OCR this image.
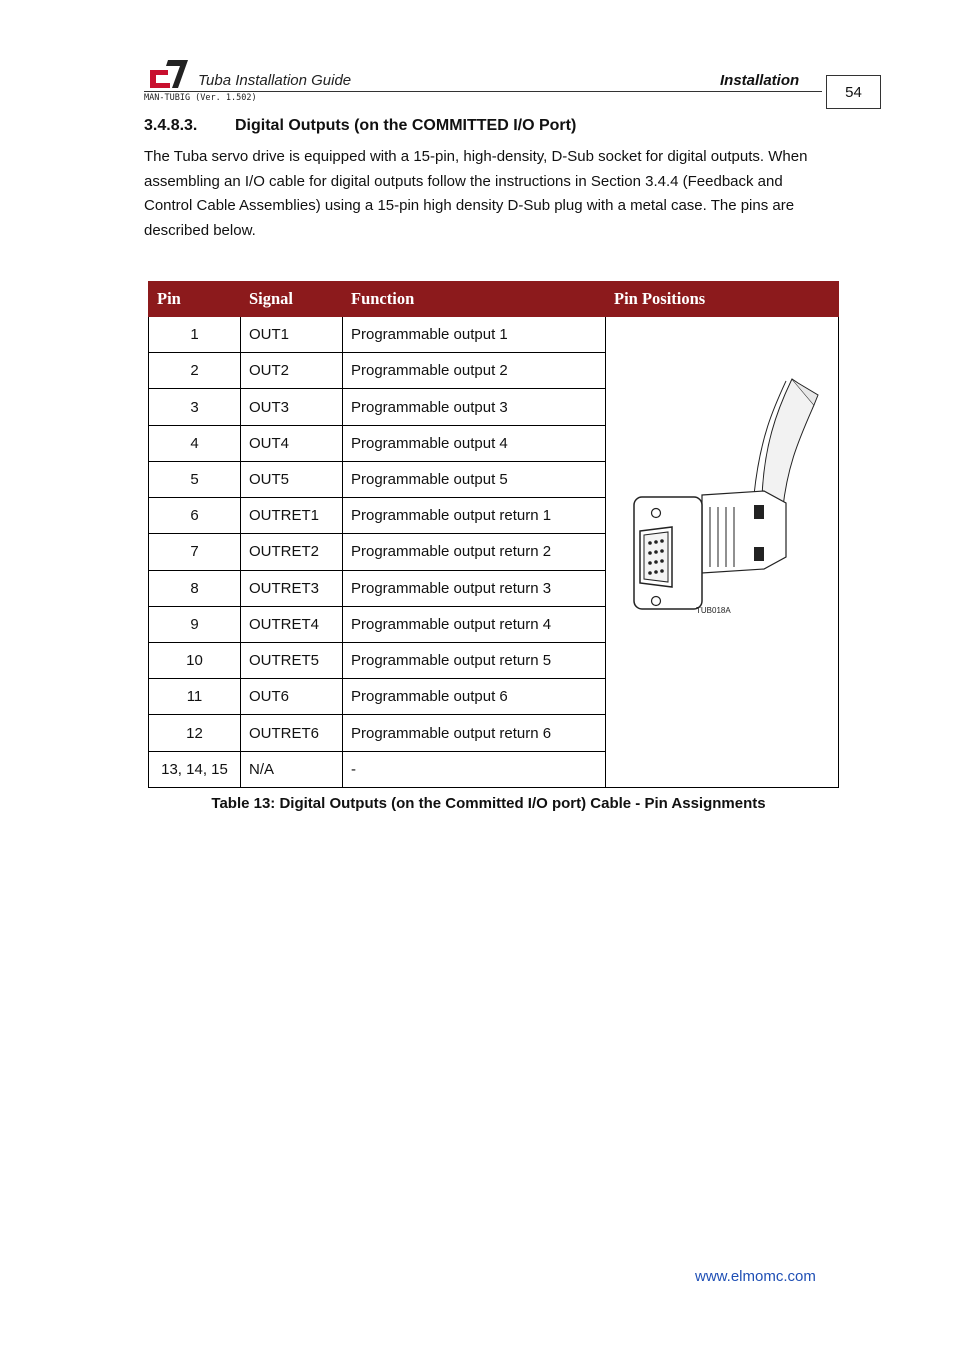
Tuba Installation Guide	Installation
MAN-TUBIG (Ver. 1.502)	54
3.4.8.3. Digital Outputs (on the COMMITTED I/O Port)
The Tuba servo drive is equipped with a 15-pin, high-density, D-Sub socket for digital outputs. When assembling an I/O cable for digital outputs follow the instructions in Section 3.4.4 (Feedback and Control Cable Assemblies) using a 15-pin high density D-Sub plug with a metal case. The pins are described below.
Pin	Signal	Function	Pin Positions
1	OUT1	Programmable output 1	TUB018A

2	OUT2	Programmable output 2	
3	OUT3	Programmable output 3	
4	OUT4	Programmable output 4	
5	OUT5	Programmable output 5	
6	OUTRET1	Programmable output return 1	
7	OUTRET2	Programmable output return 2	
8	OUTRET3	Programmable output return 3	
9	OUTRET4	Programmable output return 4	
10	OUTRET5	Programmable output return 5	
11	OUT6	Programmable output 6	
12	OUTRET6	Programmable output return 6	
13, 14, 15	N/A	-	
Table 13: Digital Outputs (on the Committed I/O port) Cable - Pin Assignments
www.elmomc.com
